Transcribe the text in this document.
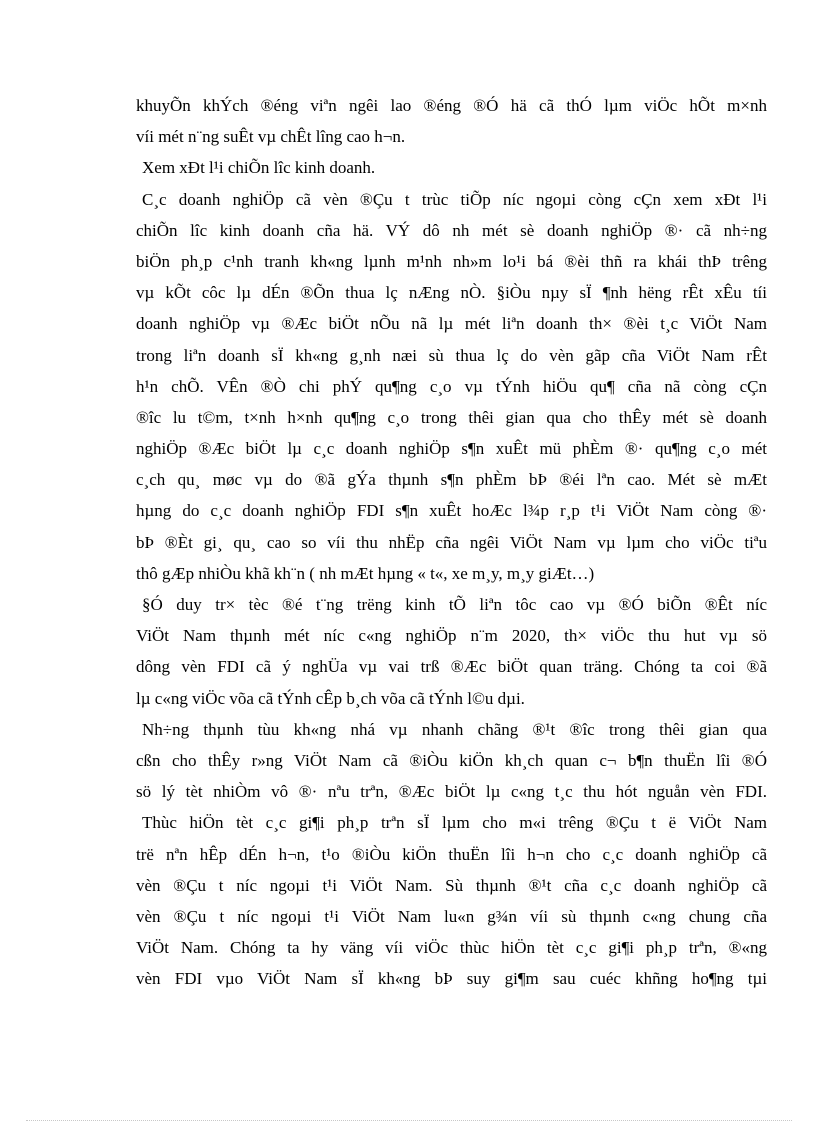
khuyÕn khÝch ®éng viªn ngêi lao ®éng ®Ó hä cã thÓ lµm viÖc hÕt m×nh
víi mét n¨ng suÊt vµ chÊt lîng cao h¬n.
Xem xÐt l¹i chiÕn lîc kinh doanh.
C¸c doanh nghiÖp cã vèn ®Çu t trùc tiÕp níc ngoµi còng cÇn xem xÐt l¹i
chiÕn lîc kinh doanh cña hä. VÝ dô nh mét sè doanh nghiÖp ®· cã nh÷ng
biÖn ph¸p c¹nh tranh kh«ng lµnh m¹nh nh»m lo¹i bá ®èi thñ ra khái thÞ trêng
vµ kÕt côc lµ dÉn ®Õn thua lç nÆng nÒ. §iÒu nµy sÏ ¶nh hëng rÊt xÊu tíi
doanh nghiÖp vµ ®Æc biÖt nÕu nã lµ mét liªn doanh th× ®èi t¸c ViÖt Nam
trong liªn doanh sÏ kh«ng g¸nh næi sù thua lç do vèn gãp cña ViÖt Nam rÊt
h¹n chÕ. VÊn ®Ò chi phÝ qu¶ng c¸o vµ tÝnh hiÖu qu¶ cña nã còng cÇn
®îc lu t©m, t×nh h×nh qu¶ng c¸o trong thêi gian qua cho thÊy mét sè doanh
nghiÖp ®Æc biÖt lµ c¸c doanh nghiÖp s¶n xuÊt mü phÈm ®· qu¶ng c¸o mét
c¸ch qu¸ møc vµ do ®ã gÝa thµnh s¶n phÈm bÞ ®éi lªn cao. Mét sè mÆt
hµng do c¸c doanh nghiÖp FDI s¶n xuÊt hoÆc l¾p r¸p t¹i ViÖt Nam còng ®·
bÞ ®Èt gi¸ qu¸ cao so víi thu nhËp cña ngêi ViÖt Nam vµ lµm cho viÖc tiªu
thô gÆp nhiÒu khã kh¨n ( nh mÆt hµng « t«, xe m¸y, m¸y giÆt…)
§Ó duy tr× tèc ®é t¨ng trëng kinh tÕ liªn tôc cao vµ ®Ó biÕn ®Êt níc
ViÖt Nam thµnh mét níc c«ng nghiÖp n¨m 2020, th× viÖc thu hut vµ sö
dông vèn FDI cã ý nghÜa vµ vai trß ®Æc biÖt quan träng. Chóng ta coi ®ã
lµ c«ng viÖc võa cã tÝnh cÊp b¸ch võa cã tÝnh l©u dµi.
Nh÷ng thµnh tùu kh«ng nhá vµ nhanh chãng ®¹t ®îc trong thêi gian qua
cßn cho thÊy r»ng ViÖt Nam cã ®iÒu kiÖn kh¸ch quan c¬ b¶n thuËn lîi ®Ó
sö lý tèt nhiÒm vô ®· nªu trªn, ®Æc biÖt lµ c«ng t¸c thu hót nguån vèn FDI.
Thùc hiÖn tèt c¸c gi¶i ph¸p trªn sÏ lµm cho m«i trêng ®Çu t ë ViÖt Nam
trë nªn hÊp dÉn h¬n, t¹o ®iÒu kiÖn thuËn lîi h¬n cho c¸c doanh nghiÖp cã
vèn ®Çu t níc ngoµi t¹i ViÖt Nam. Sù thµnh ®¹t cña c¸c doanh nghiÖp cã
vèn ®Çu t níc ngoµi t¹i ViÖt Nam lu«n g¾n víi sù thµnh c«ng chung cña
ViÖt Nam. Chóng ta hy väng víi viÖc thùc hiÖn tèt c¸c gi¶i ph¸p trªn, ®«ng
vèn FDI vµo ViÖt Nam sÏ kh«ng bÞ suy gi¶m sau cuéc khñng ho¶ng tµi
